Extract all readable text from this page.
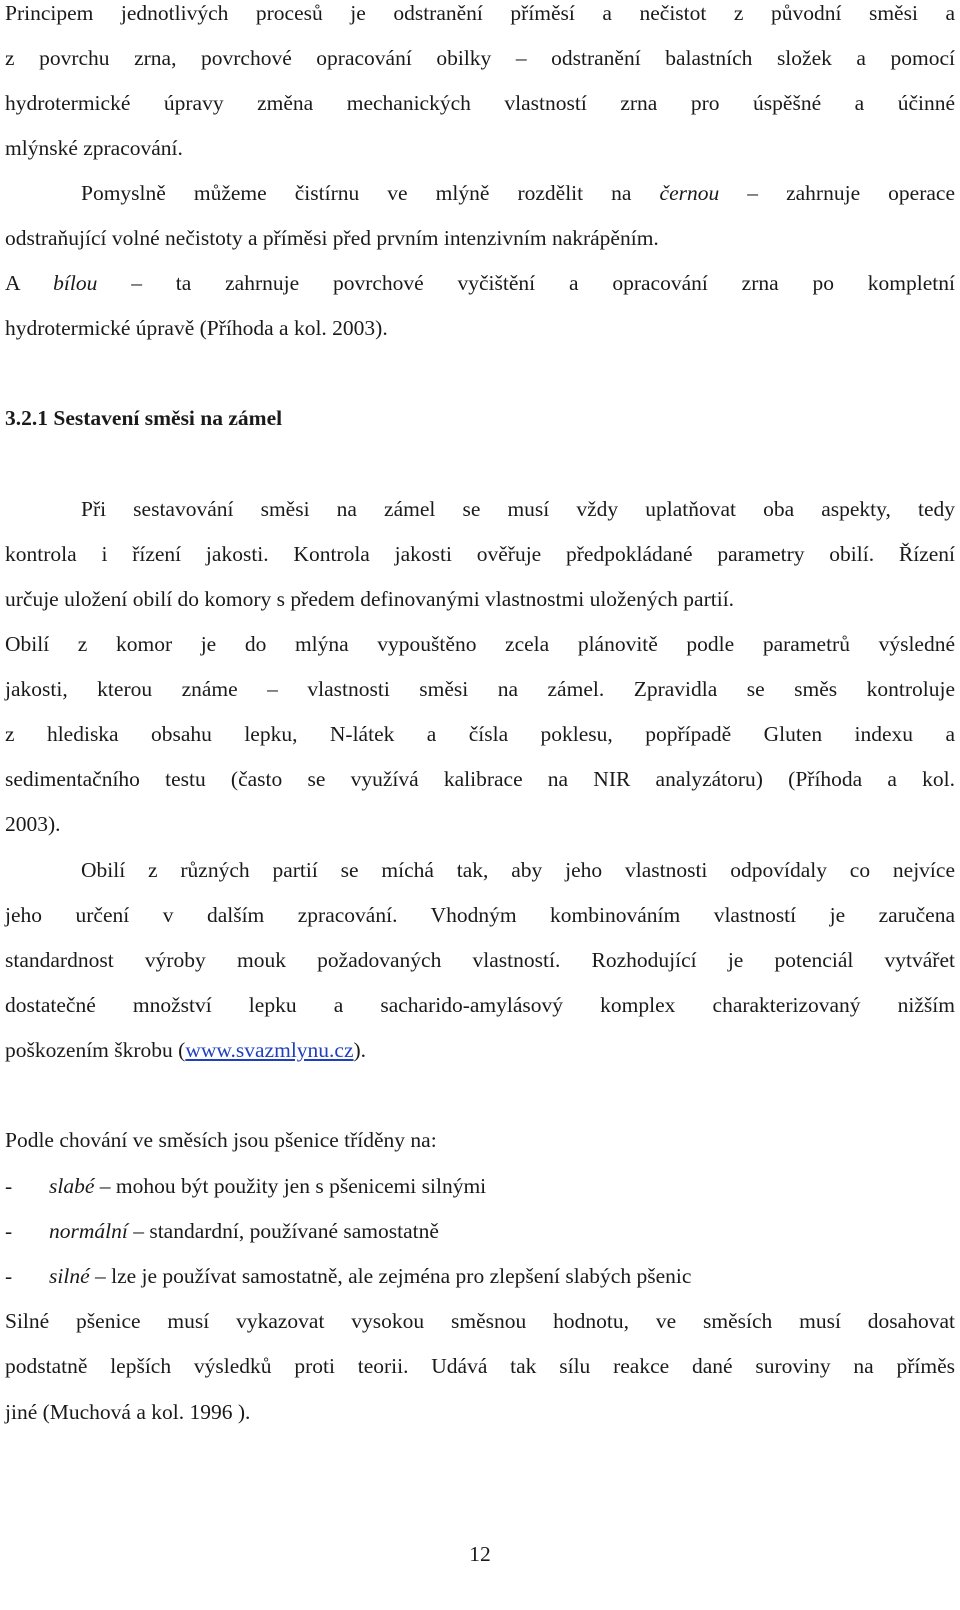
Principem jednotlivých procesů je odstranění příměsí a nečistot z původní směsi a
z povrchu zrna, povrchové opracování obilky – odstranění balastních složek a pomocí
hydrotermické úpravy změna mechanických vlastností zrna pro úspěšné a účinné
mlýnské zpracování.
Pomyslně můžeme čistírnu ve mlýně rozdělit na černou – zahrnuje operace
odstraňující volné nečistoty a příměsi před prvním intenzivním nakrápěním.
A bílou – ta zahrnuje povrchové vyčištění a opracování zrna po kompletní
hydrotermické úpravě (Příhoda a kol. 2003).
3.2.1 Sestavení směsi na zámel
Při sestavování směsi na zámel se musí vždy uplatňovat oba aspekty, tedy
kontrola i řízení jakosti. Kontrola jakosti ověřuje předpokládané parametry obilí. Řízení
určuje uložení obilí do komory s předem definovanými vlastnostmi uložených partií.
Obilí z komor je do mlýna vypouštěno zcela plánovitě podle parametrů výsledné
jakosti, kterou známe – vlastnosti směsi na zámel. Zpravidla se směs kontroluje
z hlediska obsahu lepku, N-látek a čísla poklesu, popřípadě Gluten indexu a
sedimentačního testu (často se využívá kalibrace na NIR analyzátoru) (Příhoda a kol.
2003).
Obilí z různých partií se míchá tak, aby jeho vlastnosti odpovídaly co nejvíce
jeho určení v dalším zpracování. Vhodným kombinováním vlastností je zaručena
standardnost výroby mouk požadovaných vlastností. Rozhodující je potenciál vytvářet
dostatečné množství lepku a sacharido-amylásový komplex charakterizovaný nižším
poškozením škrobu (www.svazmlynu.cz).
Podle chování ve směsích jsou pšenice tříděny na:
- slabé – mohou být použity jen s pšenicemi silnými
- normální – standardní, používané samostatně
- silné – lze je používat samostatně, ale zejména pro zlepšení slabých pšenic
Silné pšenice musí vykazovat vysokou směsnou hodnotu, ve směsích musí dosahovat
podstatně lepších výsledků proti teorii. Udává tak sílu reakce dané suroviny na příměs
jiné (Muchová a kol. 1996 ).
12
